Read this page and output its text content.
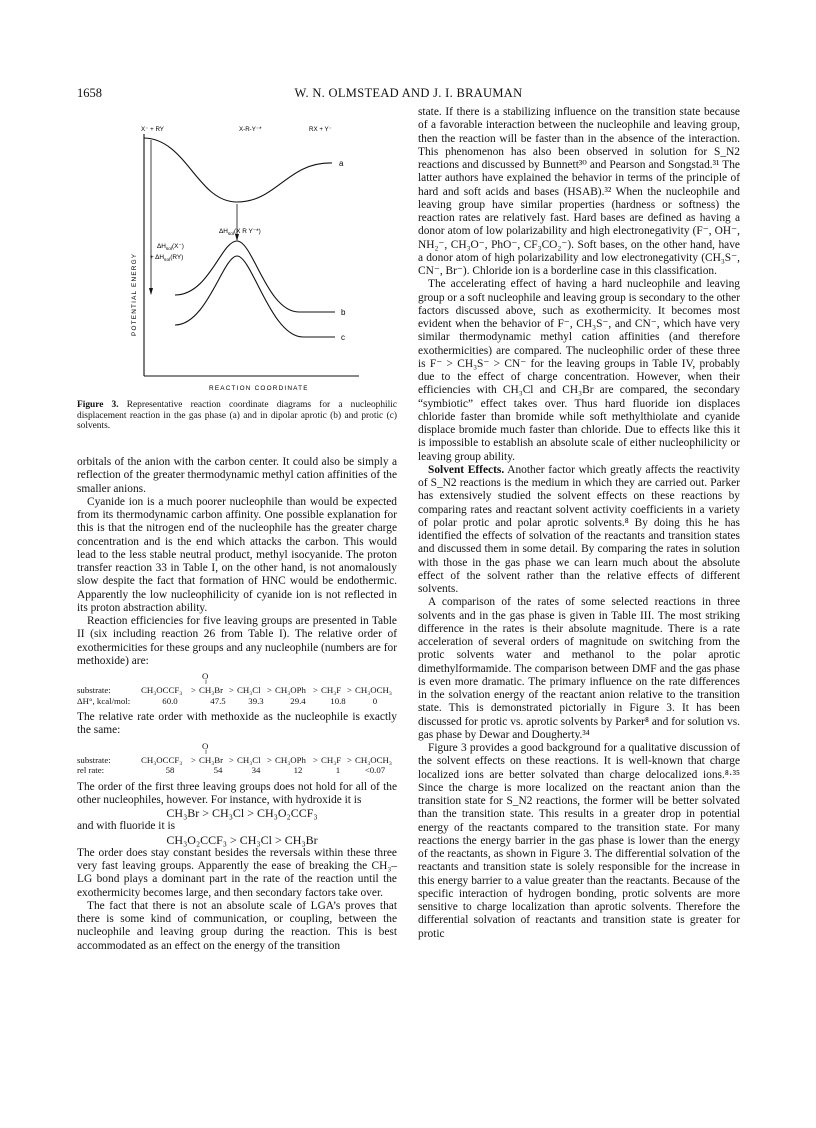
1658	W. N. OLMSTEAD AND J. I. BRAUMAN
X⁻ + RY	X-R-Y⁻*	RX + Y⁻
POTENTIAL ENERGY
a
b
c
$\Delta H_{sol}(X^-)$
+ $\Delta H_{sol}(RY)$
$\Delta H_{sol}(X$ R Y⁻*)
REACTION COORDINATE
Figure 3. Representative reaction coordinate diagrams for a nucleophilic displacement reaction in the gas phase (a) and in dipolar aprotic (b) and protic (c) solvents.

orbitals of the anion with the carbon center. It could also be simply a reflection of the greater thermodynamic methyl cation affinities of the smaller anions.

Cyanide ion is a much poorer nucleophile than would be expected from its thermodynamic carbon affinity. One possible explanation for this is that the nitrogen end of the nucleophile has the greater charge concentration and is the end which attacks the carbon. This would lead to the less stable neutral product, methyl isocyanide. The proton transfer reaction 33 in Table I, on the other hand, is not anomalously slow despite the fact that formation of HNC would be endothermic. Apparently the low nucleophilicity of cyanide ion is not reflected in its proton abstraction ability.

Reaction efficiencies for five leaving groups are presented in Table II (six including reaction 26 from Table I). The relative order of exothermicities for these groups and any nucleophile (numbers are for methoxide) are:

O
‖
substrate:	CH₃OCCF₃ > CH₃Br > CH₃Cl > CH₃OPh > CH₃F > CH₃OCH₃
ΔH°, kcal/mol:	60.0	47.5	39.3	29.4	10.8	0

The relative rate order with methoxide as the nucleophile is exactly the same:

O
‖
substrate:	CH₃OCCF₃ > CH₃Br > CH₃Cl > CH₃OPh > CH₃F > CH₃OCH₃
rel rate:	58	54	34	12	1	<0.07

The order of the first three leaving groups does not hold for all of the other nucleophiles, however. For instance, with hydroxide it is

CH₃Br > CH₃Cl > CH₃O₂CCF₃

and with fluoride it is

CH₃O₂CCF₃ > CH₃Cl > CH₃Br

The order does stay constant besides the reversals within these three very fast leaving groups. Apparently the ease of breaking the CH₃–LG bond plays a dominant part in the rate of the reaction until the exothermicity becomes large, and then secondary factors take over.

The fact that there is not an absolute scale of LGA’s proves that there is some kind of communication, or coupling, between the nucleophile and leaving group during the reaction. This is best accommodated as an effect on the energy of the transition

state. If there is a stabilizing influence on the transition state because of a favorable interaction between the nucleophile and leaving group, then the reaction will be faster than in the absence of the interaction. This phenomenon has also been observed in solution for S_N2 reactions and discussed by Bunnett³⁰ and Pearson and Songstad.³¹ The latter authors have explained the behavior in terms of the principle of hard and soft acids and bases (HSAB).³² When the nucleophile and leaving group have similar properties (hardness or softness) the reaction rates are relatively fast. Hard bases are defined as having a donor atom of low polarizability and high electronegativity (F⁻, OH⁻, NH₂⁻, CH₃O⁻, PhO⁻, CF₃CO₂⁻). Soft bases, on the other hand, have a donor atom of high polarizability and low electronegativity (CH₃S⁻, CN⁻, Br⁻). Chloride ion is a borderline case in this classification.

The accelerating effect of having a hard nucleophile and leaving group or a soft nucleophile and leaving group is secondary to the other factors discussed above, such as exothermicity. It becomes most evident when the behavior of F⁻, CH₃S⁻, and CN⁻, which have very similar thermodynamic methyl cation affinities (and therefore exothermicities) are compared. The nucleophilic order of these three is F⁻ > CH₃S⁻ > CN⁻ for the leaving groups in Table IV, probably due to the effect of charge concentration. However, when their efficiencies with CH₃Cl and CH₃Br are compared, the secondary “symbiotic” effect takes over. Thus hard fluoride ion displaces chloride faster than bromide while soft methylthiolate and cyanide displace bromide much faster than chloride. Due to effects like this it is impossible to establish an absolute scale of either nucleophilicity or leaving group ability.

Solvent Effects. Another factor which greatly affects the reactivity of S_N2 reactions is the medium in which they are carried out. Parker has extensively studied the solvent effects on these reactions by comparing rates and reactant solvent activity coefficients in a variety of polar protic and polar aprotic solvents.⁸ By doing this he has identified the effects of solvation of the reactants and transition states and discussed them in some detail. By comparing the rates in solution with those in the gas phase we can learn much about the absolute effect of the solvent rather than the relative effects of different solvents.

A comparison of the rates of some selected reactions in three solvents and in the gas phase is given in Table III. The most striking difference in the rates is their absolute magnitude. There is a rate acceleration of several orders of magnitude on switching from the protic solvents water and methanol to the polar aprotic dimethylformamide. The comparison between DMF and the gas phase is even more dramatic. The primary influence on the rate differences in the solvation energy of the reactant anion relative to the transition state. This is demonstrated pictorially in Figure 3. It has been discussed for protic vs. aprotic solvents by Parker⁸ and for solution vs. gas phase by Dewar and Dougherty.³⁴

Figure 3 provides a good background for a qualitative discussion of the solvent effects on these reactions. It is well-known that charge localized ions are better solvated than charge delocalized ions.⁸·³⁵ Since the charge is more localized on the reactant anion than the transition state for S_N2 reactions, the former will be better solvated than the transition state. This results in a greater drop in potential energy of the reactants compared to the transition state. For many reactions the energy barrier in the gas phase is lower than the energy of the reactants, as shown in Figure 3. The differential solvation of the reactants and transition state is solely responsible for the increase in this energy barrier to a value greater than the reactants. Because of the specific interaction of hydrogen bonding, protic solvents are more sensitive to charge localization than aprotic solvents. Therefore the differential solvation of reactants and transition state is greater for protic
